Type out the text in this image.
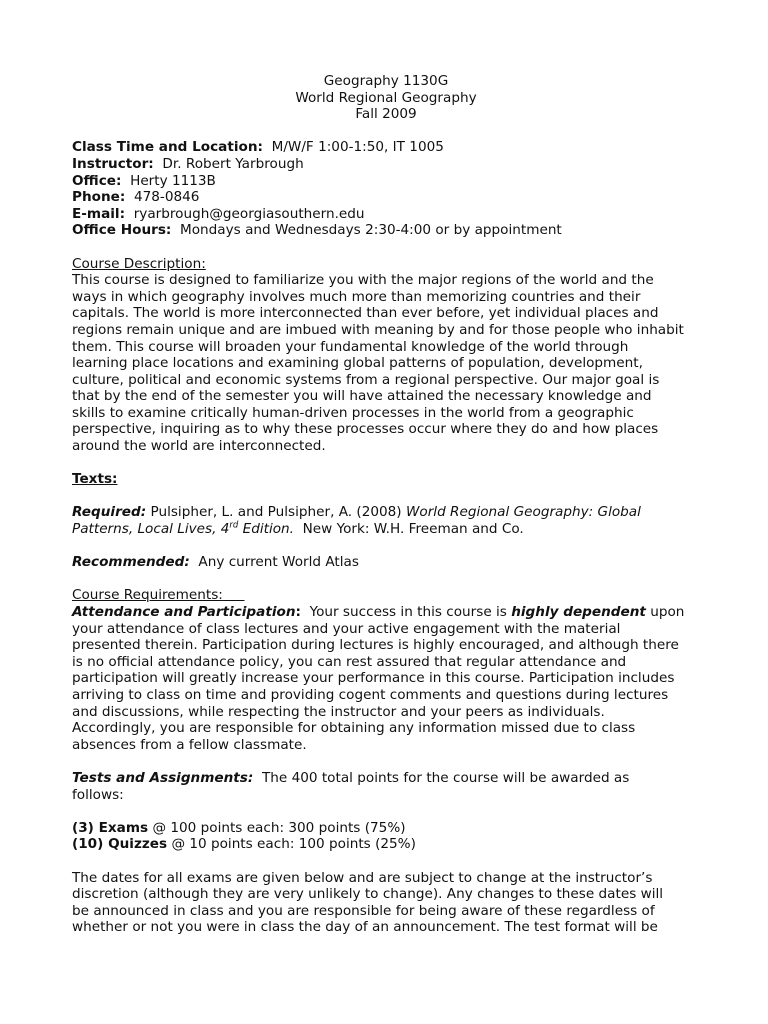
Geography 1130G
World Regional Geography
Fall 2009
Class Time and Location: M/W/F 1:00-1:50, IT 1005
Instructor: Dr. Robert Yarbrough
Office: Herty 1113B
Phone: 478-0846
E-mail: ryarbrough@georgiasouthern.edu
Office Hours: Mondays and Wednesdays 2:30-4:00 or by appointment
Course Description:
This course is designed to familiarize you with the major regions of the world and the
ways in which geography involves much more than memorizing countries and their
capitals. The world is more interconnected than ever before, yet individual places and
regions remain unique and are imbued with meaning by and for those people who inhabit
them. This course will broaden your fundamental knowledge of the world through
learning place locations and examining global patterns of population, development,
culture, political and economic systems from a regional perspective. Our major goal is
that by the end of the semester you will have attained the necessary knowledge and
skills to examine critically human-driven processes in the world from a geographic
perspective, inquiring as to why these processes occur where they do and how places
around the world are interconnected.
Texts:
Required: Pulsipher, L. and Pulsipher, A. (2008) World Regional Geography: Global
Patterns, Local Lives, 4rd Edition. New York: W.H. Freeman and Co.
Recommended: Any current World Atlas
Course Requirements:
Attendance and Participation: Your success in this course is highly dependent upon
your attendance of class lectures and your active engagement with the material
presented therein. Participation during lectures is highly encouraged, and although there
is no official attendance policy, you can rest assured that regular attendance and
participation will greatly increase your performance in this course. Participation includes
arriving to class on time and providing cogent comments and questions during lectures
and discussions, while respecting the instructor and your peers as individuals.
Accordingly, you are responsible for obtaining any information missed due to class
absences from a fellow classmate.
Tests and Assignments: The 400 total points for the course will be awarded as
follows:
(3) Exams @ 100 points each: 300 points (75%)
(10) Quizzes @ 10 points each: 100 points (25%)
The dates for all exams are given below and are subject to change at the instructor’s
discretion (although they are very unlikely to change). Any changes to these dates will
be announced in class and you are responsible for being aware of these regardless of
whether or not you were in class the day of an announcement. The test format will be
